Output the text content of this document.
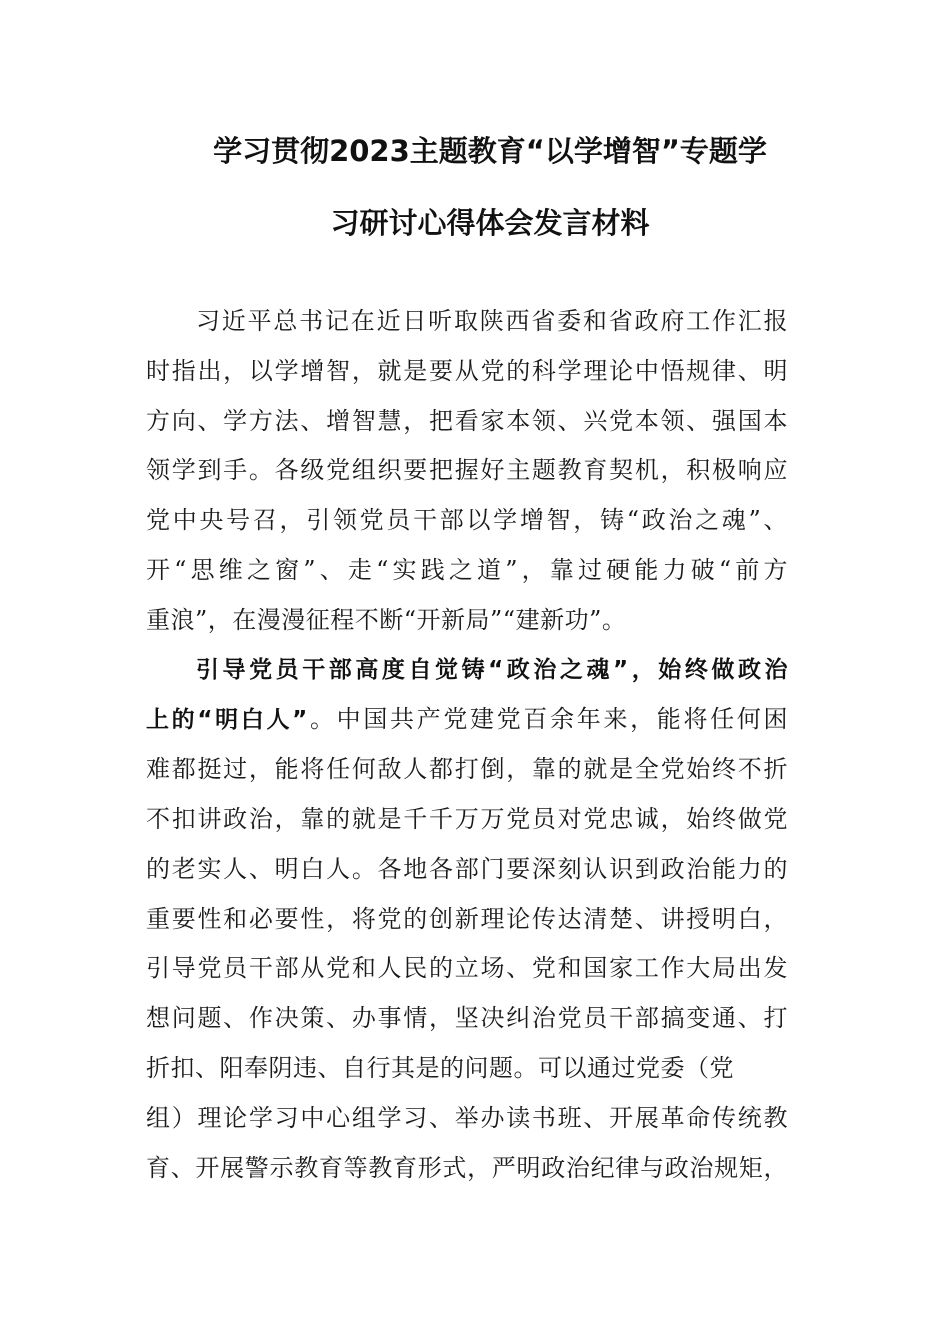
学习贯彻2023主题教育“以学增智”专题学
习研讨心得体会发言材料
习近平总书记在近日听取陕西省委和省政府工作汇报
时指出，以学增智，就是要从党的科学理论中悟规律、明
方向、学方法、增智慧，把看家本领、兴党本领、强国本
领学到手。各级党组织要把握好主题教育契机，积极响应
党中央号召，引领党员干部以学增智，铸“政治之魂”、
开“思维之窗”、走“实践之道”，靠过硬能力破“前方
重浪”，在漫漫征程不断“开新局”“建新功”。
引导党员干部高度自觉铸“政治之魂”，始终做政治
上的“明白人”。中国共产党建党百余年来，能将任何困
难都挺过，能将任何敌人都打倒，靠的就是全党始终不折
不扣讲政治，靠的就是千千万万党员对党忠诚，始终做党
的老实人、明白人。各地各部门要深刻认识到政治能力的
重要性和必要性，将党的创新理论传达清楚、讲授明白，
引导党员干部从党和人民的立场、党和国家工作大局出发
想问题、作决策、办事情，坚决纠治党员干部搞变通、打
折扣、阳奉阴违、自行其是的问题。可以通过党委（党
组）理论学习中心组学习、举办读书班、开展革命传统教
育、开展警示教育等教育形式，严明政治纪律与政治规矩，
